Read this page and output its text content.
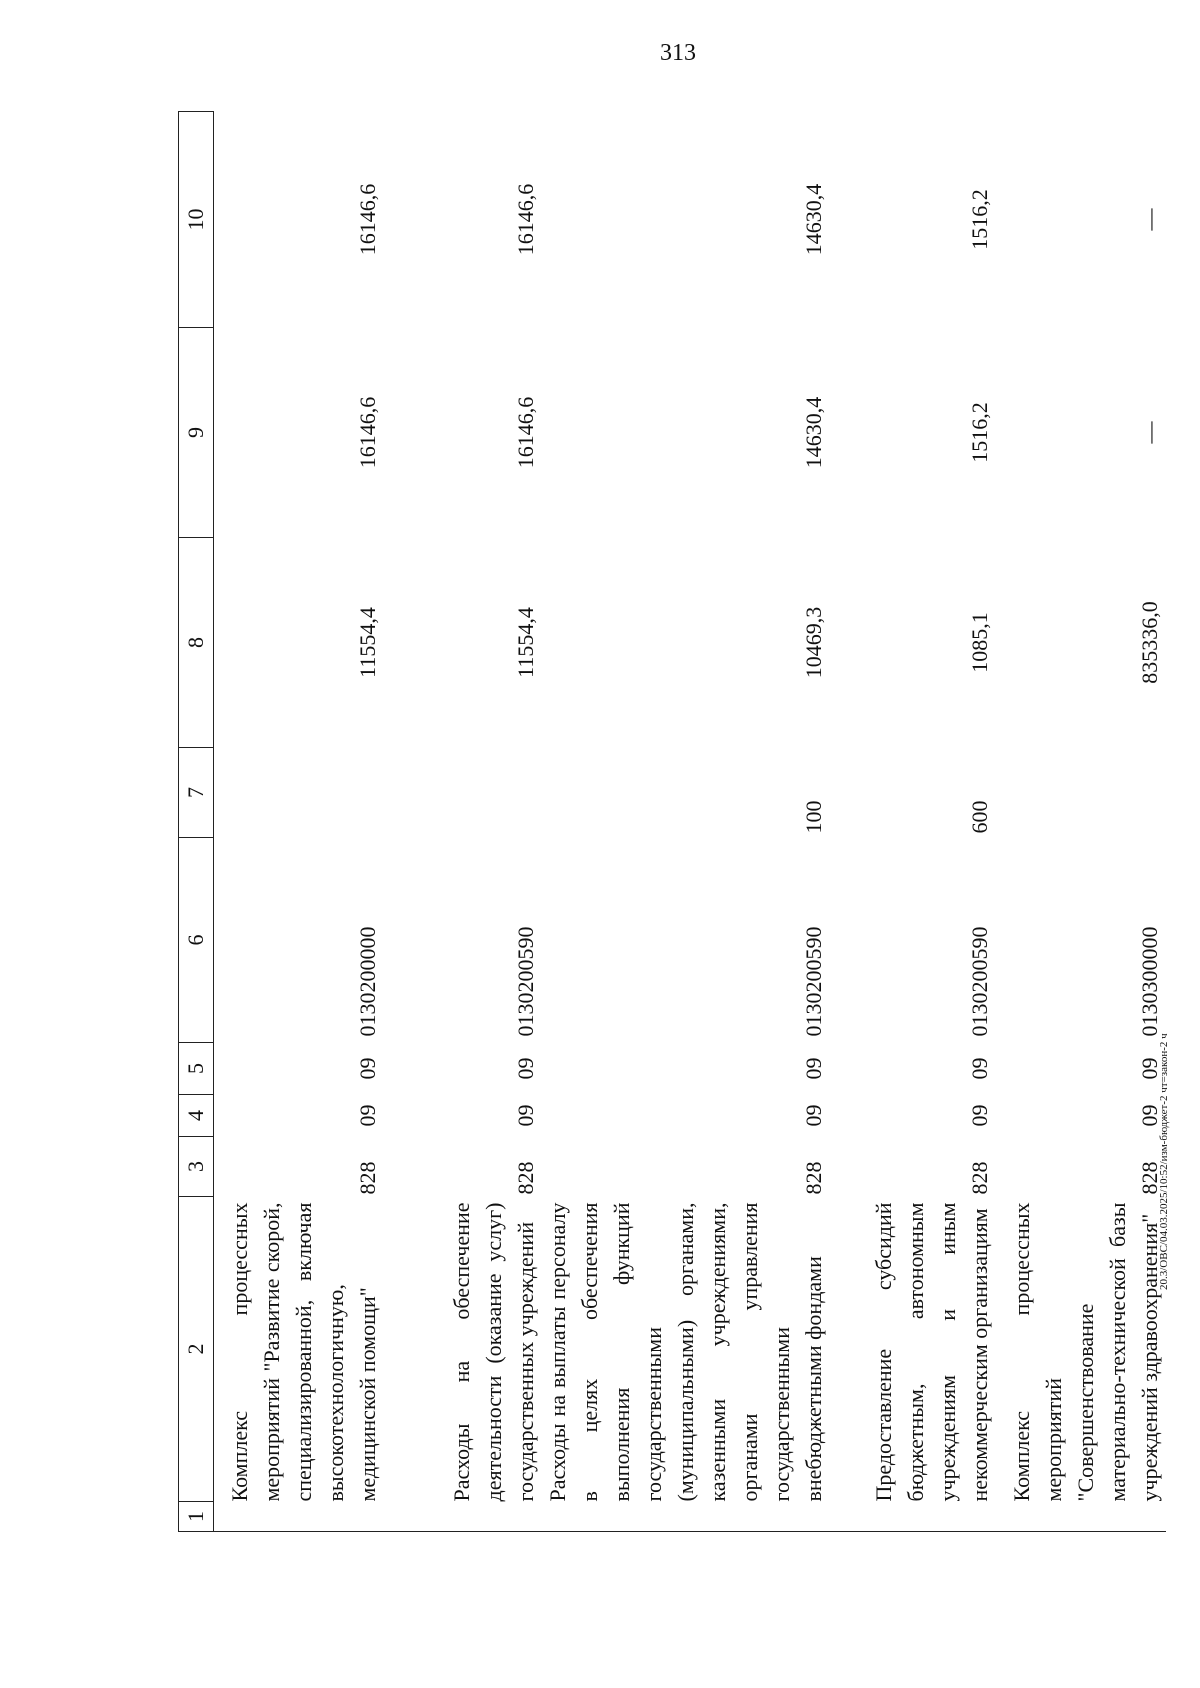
313
1	2	3	4	5	6	7	8	9	10
	Комплекс процессных мероприятий "Развитие скорой, специализированной, включая высокотехнологичную, медицинской помощи"	828	09	09	0130200000		11554,4	16146,6	16146,6
	Расходы на обеспечение деятельности (оказание услуг) государственных учреждений	828	09	09	0130200590		11554,4	16146,6	16146,6
	Расходы на выплаты персоналу в целях обеспечения выполнения функций государственными (муниципальными) органами, казенными учреждениями, органами управления государственными внебюджетными фондами	828	09	09	0130200590	100	10469,3	14630,4	14630,4
	Предоставление субсидий бюджетным, автономным учреждениям и иным некоммерческим организациям	828	09	09	0130200590	600	1085,1	1516,2	1516,2
	Комплекс процессных мероприятий "Совершенствование материально-технической базы учреждений здравоохранения"	828	09	09	0130300000		835336,0	—	—
20.3/ОВС/04.03.2025/10:52/изм-бюджет-2 чт=закон-2 ч
